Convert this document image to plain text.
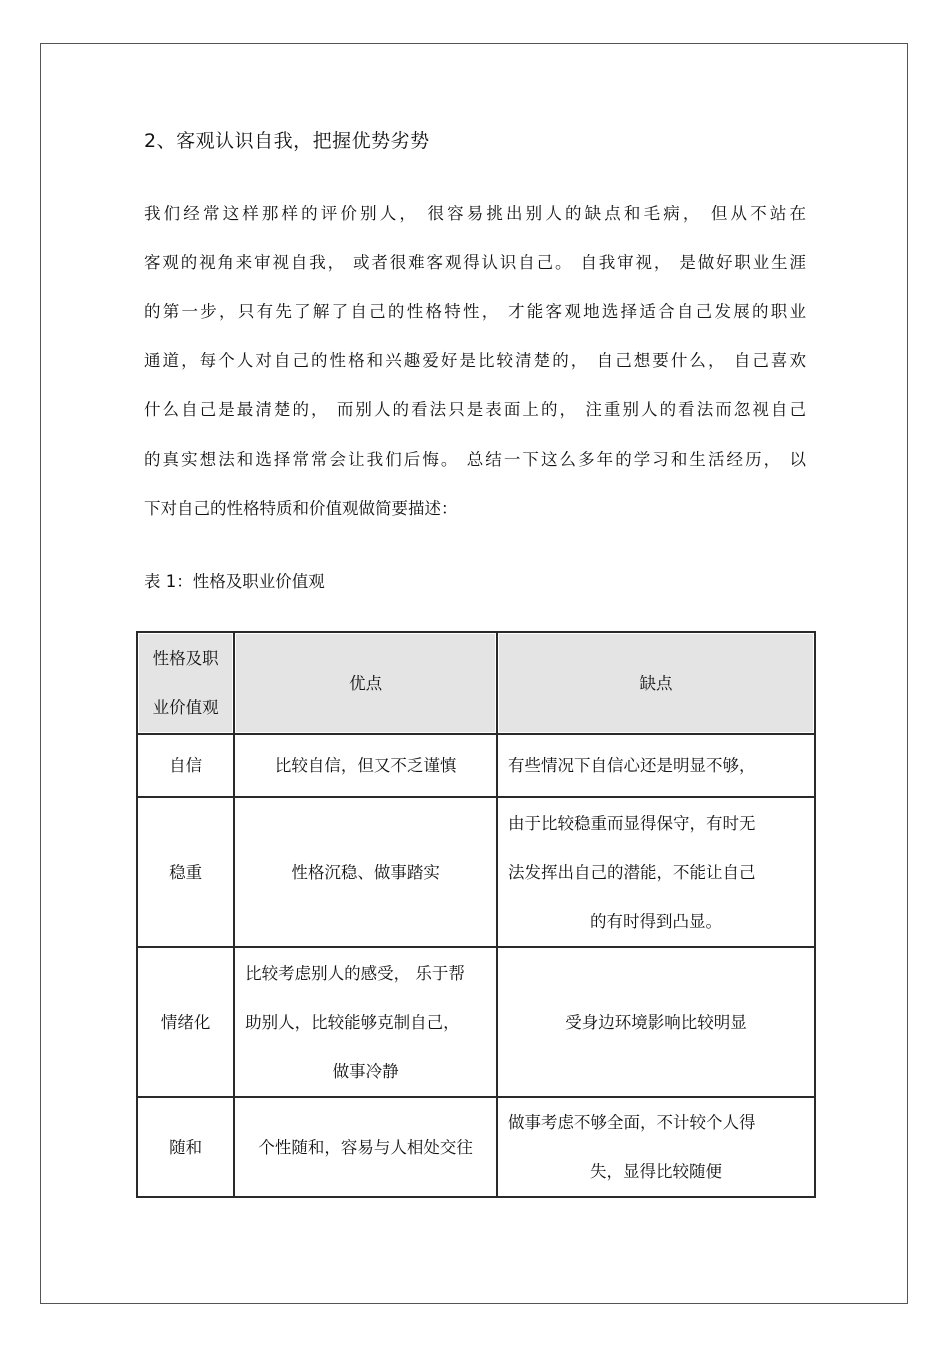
2、客观认识自我，把握优势劣势
我们经常这样那样的评价别人， 很容易挑出别人的缺点和毛病， 但从不站在
客观的视角来审视自我， 或者很难客观得认识自己。 自我审视， 是做好职业生涯
的第一步，只有先了解了自己的性格特性， 才能客观地选择适合自己发展的职业
通道，每个人对自己的性格和兴趣爱好是比较清楚的， 自己想要什么， 自己喜欢
什么自己是最清楚的， 而别人的看法只是表面上的， 注重别人的看法而忽视自己
的真实想法和选择常常会让我们后悔。 总结一下这么多年的学习和生活经历， 以
下对自己的性格特质和价值观做简要描述：
表 1：性格及职业价值观
性格及职
业价值观	优点	缺点
自信	比较自信，但又不乏谨慎	有些情况下自信心还是明显不够，

稳重	性格沉稳、做事踏实	由于比较稳重而显得保守，有时无
法发挥出自己的潜能，不能让自己
的有时得到凸显。

情绪化	比较考虑别人的感受， 乐于帮
助别人，比较能够克制自己，
做事冷静	受身边环境影响比较明显

随和	个性随和，容易与人相处交往	做事考虑不够全面，不计较个人得
失，显得比较随便
